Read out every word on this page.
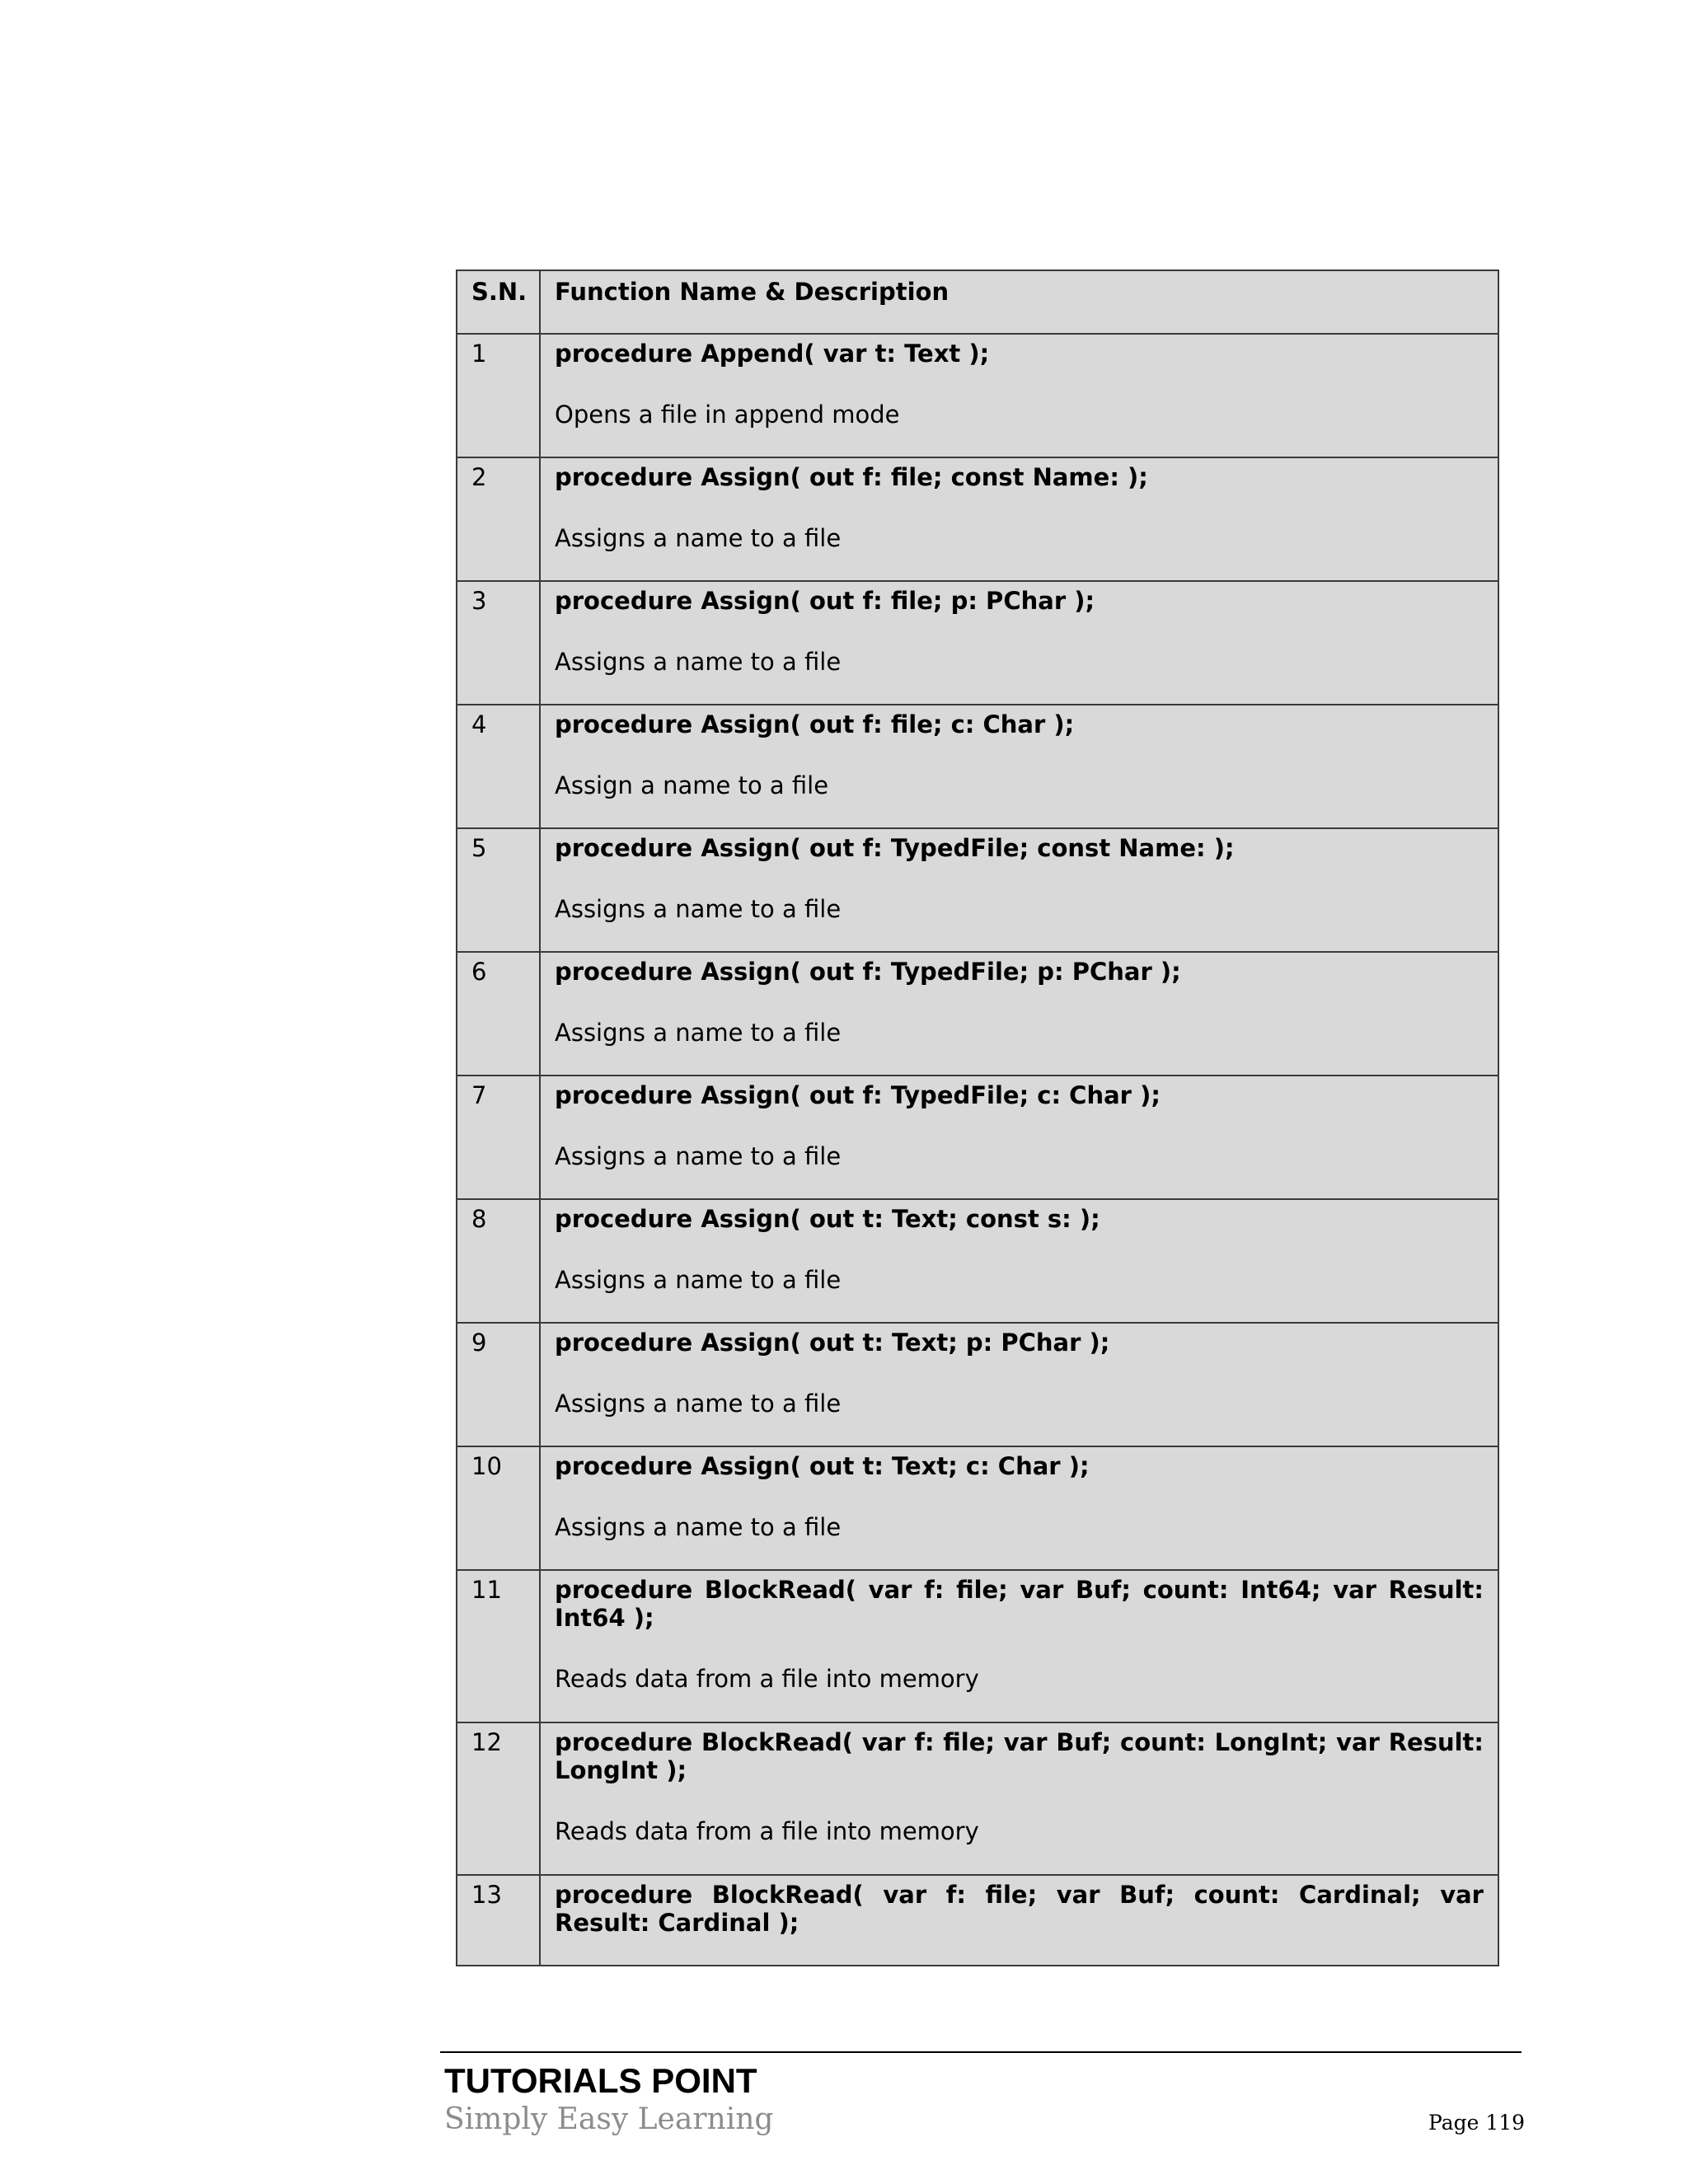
S.N.	Function Name & Description
1	procedure Append( var t: Text );

Opens a file in append mode

2	procedure Assign( out f: file; const Name: );

Assigns a name to a file

3	procedure Assign( out f: file; p: PChar );

Assigns a name to a file

4	procedure Assign( out f: file; c: Char );

Assign a name to a file

5	procedure Assign( out f: TypedFile; const Name: );

Assigns a name to a file

6	procedure Assign( out f: TypedFile; p: PChar );

Assigns a name to a file

7	procedure Assign( out f: TypedFile; c: Char );

Assigns a name to a file

8	procedure Assign( out t: Text; const s: );

Assigns a name to a file

9	procedure Assign( out t: Text; p: PChar );

Assigns a name to a file

10	procedure Assign( out t: Text; c: Char );

Assigns a name to a file

11	procedure BlockRead( var f: file; var Buf; count: Int64; var Result: Int64 );

Reads data from a file into memory

12	procedure BlockRead( var f: file; var Buf; count: LongInt; var Result: LongInt );

Reads data from a file into memory

13	procedure BlockRead( var f: file; var Buf; count: Cardinal; var Result: Cardinal );

TUTORIALS POINT
Simply Easy Learning	Page 119
